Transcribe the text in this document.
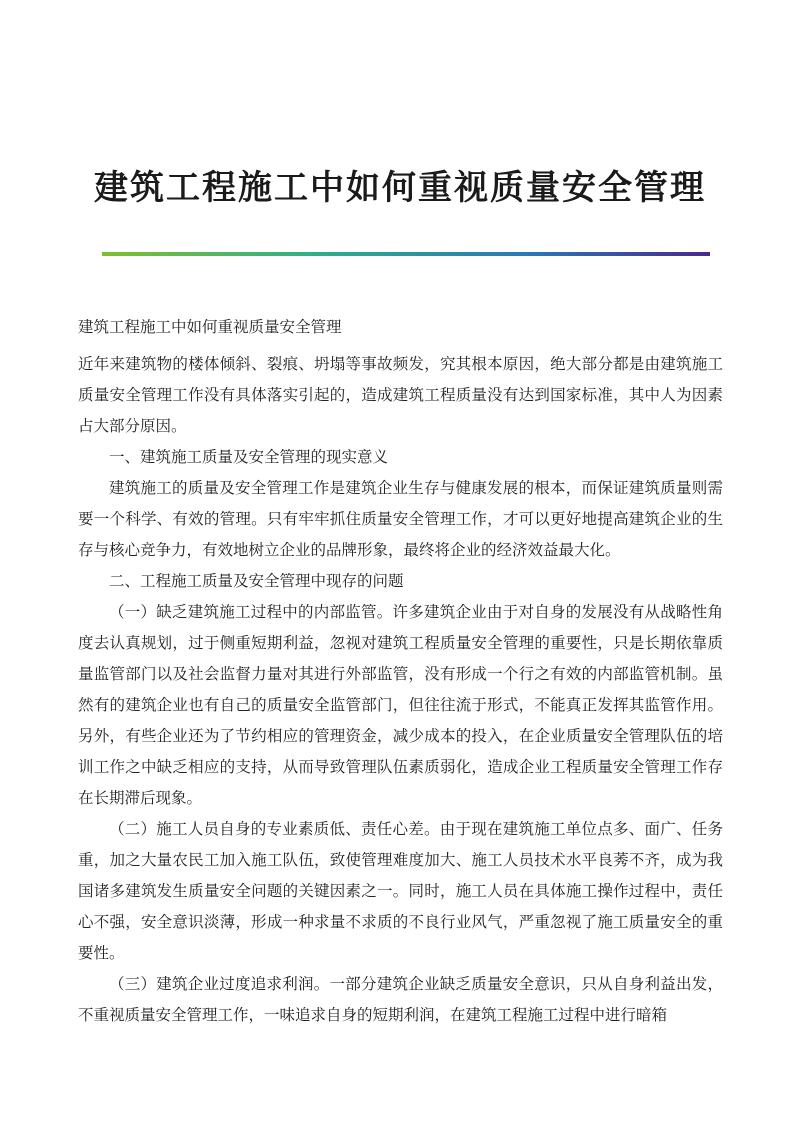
建筑工程施工中如何重视质量安全管理

建筑工程施工中如何重视质量安全管理

近年来建筑物的楼体倾斜、裂痕、坍塌等事故频发，究其根本原因，绝大部分都是由建筑施工质量安全管理工作没有具体落实引起的，造成建筑工程质量没有达到国家标准，其中人为因素占大部分原因。

一、建筑施工质量及安全管理的现实意义

建筑施工的质量及安全管理工作是建筑企业生存与健康发展的根本，而保证建筑质量则需要一个科学、有效的管理。只有牢牢抓住质量安全管理工作，才可以更好地提高建筑企业的生存与核心竞争力，有效地树立企业的品牌形象，最终将企业的经济效益最大化。

二、工程施工质量及安全管理中现存的问题

（一）缺乏建筑施工过程中的内部监管。许多建筑企业由于对自身的发展没有从战略性角度去认真规划，过于侧重短期利益，忽视对建筑工程质量安全管理的重要性，只是长期依靠质量监管部门以及社会监督力量对其进行外部监管，没有形成一个行之有效的内部监管机制。虽然有的建筑企业也有自己的质量安全监管部门，但往往流于形式，不能真正发挥其监管作用。另外，有些企业还为了节约相应的管理资金，减少成本的投入，在企业质量安全管理队伍的培训工作之中缺乏相应的支持，从而导致管理队伍素质弱化，造成企业工程质量安全管理工作存在长期滞后现象。

（二）施工人员自身的专业素质低、责任心差。由于现在建筑施工单位点多、面广、任务重，加之大量农民工加入施工队伍，致使管理难度加大、施工人员技术水平良莠不齐，成为我国诸多建筑发生质量安全问题的关键因素之一。同时，施工人员在具体施工操作过程中，责任心不强，安全意识淡薄，形成一种求量不求质的不良行业风气，严重忽视了施工质量安全的重要性。

（三）建筑企业过度追求利润。一部分建筑企业缺乏质量安全意识，只从自身利益出发，不重视质量安全管理工作，一味追求自身的短期利润，在建筑工程施工过程中进行暗箱
